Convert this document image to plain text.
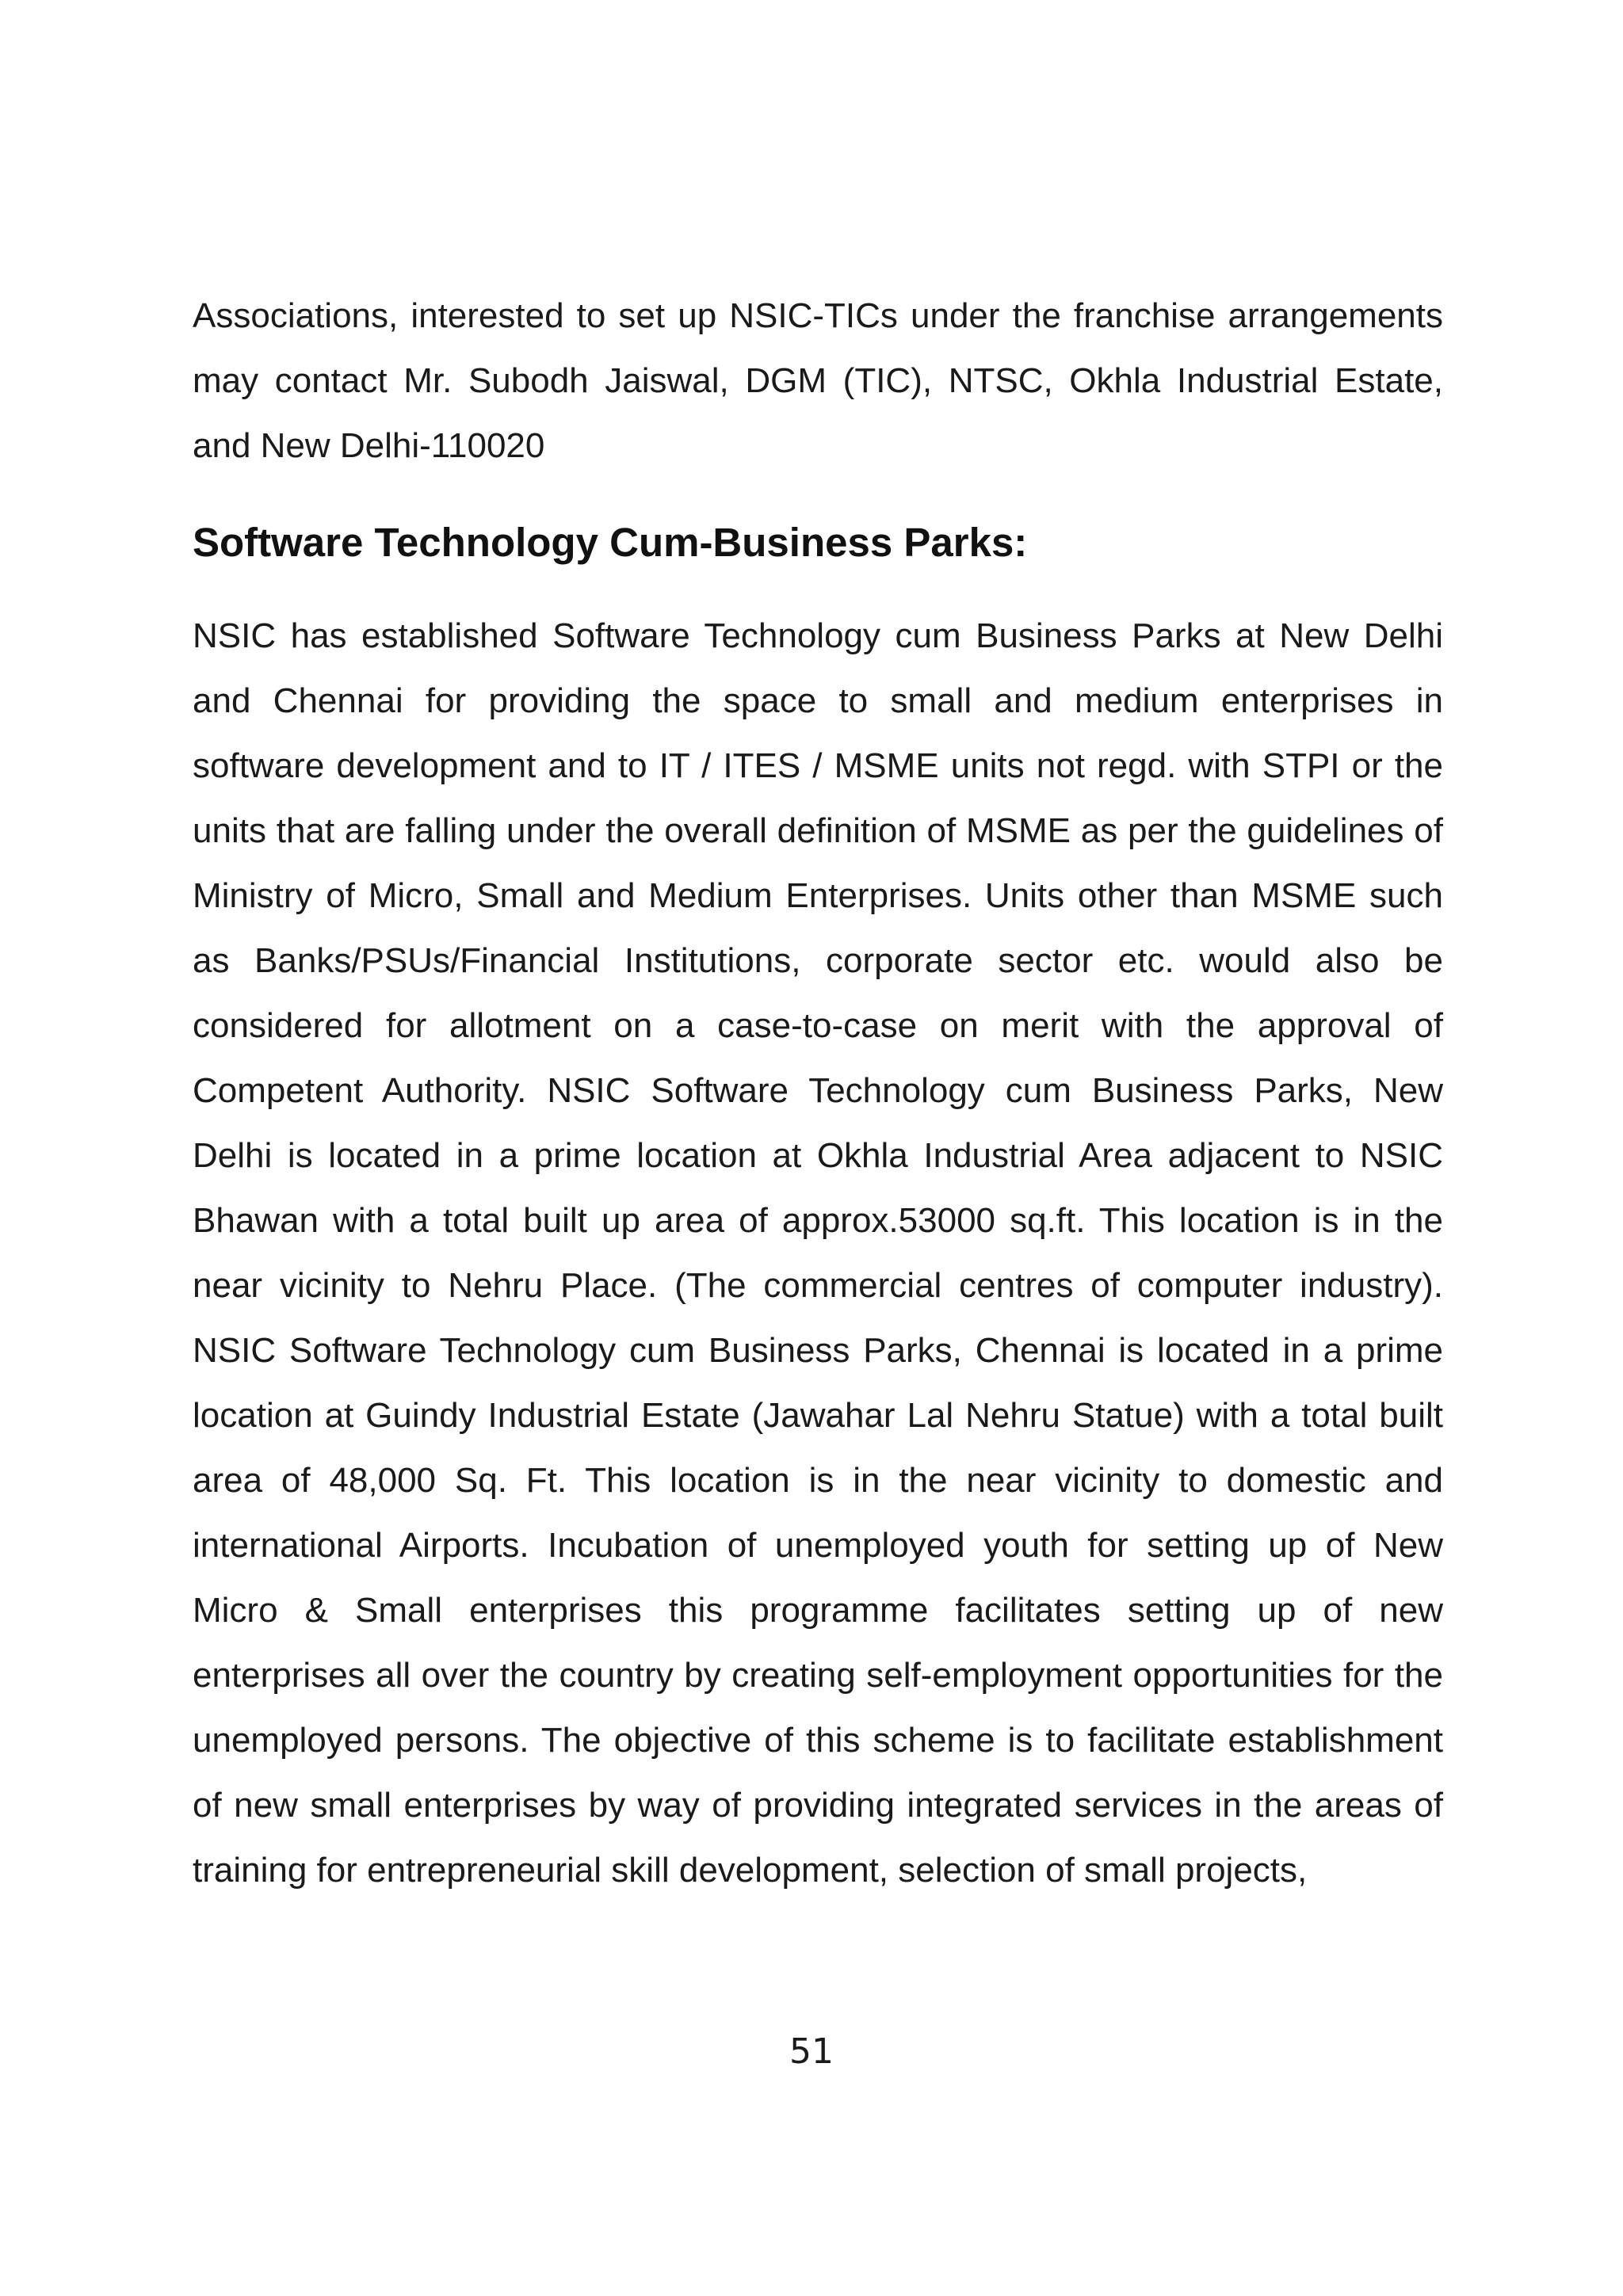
Associations, interested to set up NSIC-TICs under the franchise arrangements may contact Mr. Subodh Jaiswal, DGM (TIC), NTSC, Okhla Industrial Estate, and New Delhi-110020

Software Technology Cum-Business Parks:

NSIC has established Software Technology cum Business Parks at New Delhi and Chennai for providing the space to small and medium enterprises in software development and to IT / ITES / MSME units not regd. with STPI or the units that are falling under the overall definition of MSME as per the guidelines of Ministry of Micro, Small and Medium Enterprises. Units other than MSME such as Banks/PSUs/Financial Institutions, corporate sector etc. would also be considered for allotment on a case-to-case on merit with the approval of Competent Authority. NSIC Software Technology cum Business Parks, New Delhi is located in a prime location at Okhla Industrial Area adjacent to NSIC Bhawan with a total built up area of approx.53000 sq.ft. This location is in the near vicinity to Nehru Place. (The commercial centres of computer industry). NSIC Software Technology cum Business Parks, Chennai is located in a prime location at Guindy Industrial Estate (Jawahar Lal Nehru Statue) with a total built area of 48,000 Sq. Ft. This location is in the near vicinity to domestic and international Airports. Incubation of unemployed youth for setting up of New Micro & Small enterprises this programme facilitates setting up of new enterprises all over the country by creating self-employment opportunities for the unemployed persons. The objective of this scheme is to facilitate establishment of new small enterprises by way of providing integrated services in the areas of training for entrepreneurial skill development, selection of small projects,

51
